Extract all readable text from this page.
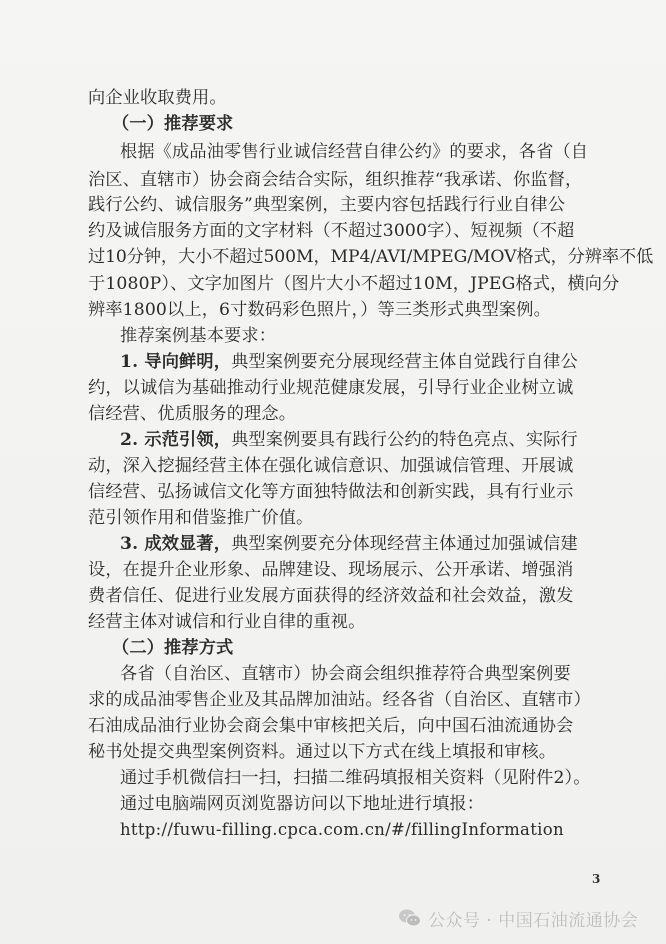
向企业收取费用。
（一）推荐要求
根据《成品油零售行业诚信经营自律公约》的要求，各省（自
治区、直辖市）协会商会结合实际，组织推荐“我承诺、你监督，
践行公约、诚信服务”典型案例，主要内容包括践行行业自律公
约及诚信服务方面的文字材料（不超过3000字）、短视频（不超
过10分钟，大小不超过500M，MP4/AVI/MPEG/MOV格式，分辨率不低
于1080P）、文字加图片（图片大小不超过10M，JPEG格式，横向分
辨率1800以上，6寸数码彩色照片，）等三类形式典型案例。
推荐案例基本要求：
1. 导向鲜明，典型案例要充分展现经营主体自觉践行自律公
约，以诚信为基础推动行业规范健康发展，引导行业企业树立诚
信经营、优质服务的理念。
2. 示范引领，典型案例要具有践行公约的特色亮点、实际行
动，深入挖掘经营主体在强化诚信意识、加强诚信管理、开展诚
信经营、弘扬诚信文化等方面独特做法和创新实践，具有行业示
范引领作用和借鉴推广价值。
3. 成效显著，典型案例要充分体现经营主体通过加强诚信建
设，在提升企业形象、品牌建设、现场展示、公开承诺、增强消
费者信任、促进行业发展方面获得的经济效益和社会效益，激发
经营主体对诚信和行业自律的重视。
（二）推荐方式
各省（自治区、直辖市）协会商会组织推荐符合典型案例要
求的成品油零售企业及其品牌加油站。经各省（自治区、直辖市）
石油成品油行业协会商会集中审核把关后，向中国石油流通协会
秘书处提交典型案例资料。通过以下方式在线上填报和审核。
通过手机微信扫一扫，扫描二维码填报相关资料（见附件2）。
通过电脑端网页浏览器访问以下地址进行填报：
http://fuwu-filling.cpca.com.cn/#/fillingInformation
3
公众号 · 中国石油流通协会
